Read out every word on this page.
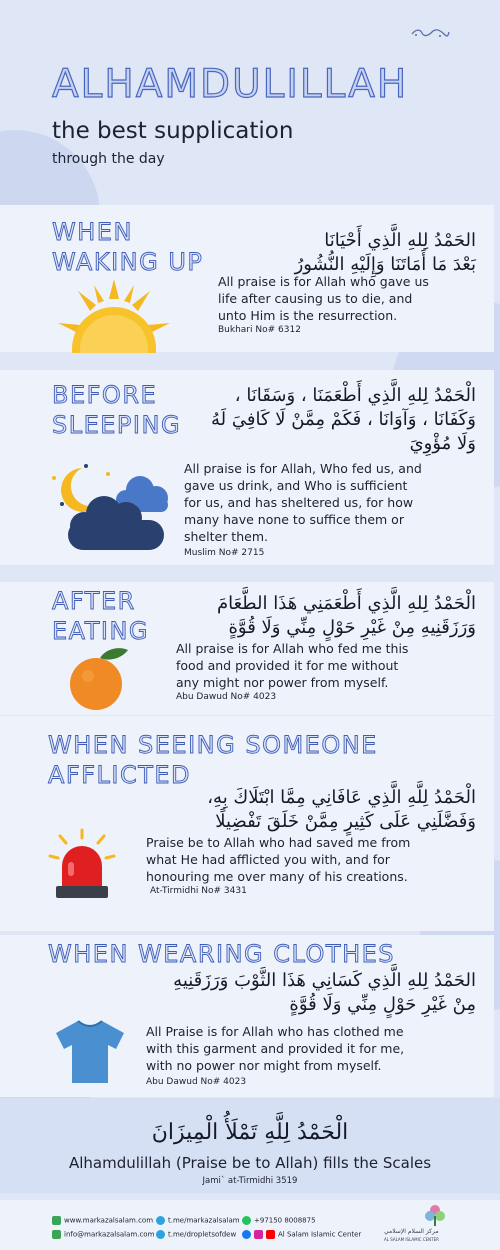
ALHAMDULILLAH
the best supplication
through the day
WHEN
WAKING UP
الحَمْدُ لِلهِ الَّذِي أَحْيَانَا
بَعْدَ مَا أَمَاتَنَا وَإِلَيْهِ النُّشُورُ
All praise is for Allah who gave us
life after causing us to die, and
unto Him is the resurrection.
Bukhari No# 6312
BEFORE
SLEEPING
الْحَمْدُ لِلهِ الَّذِي أَطْعَمَنَا ، وَسَقَانَا ،
وَكَفَانَا ، وَآوَانَا ، فَكَمْ مِمَّنْ لَا كَافِيَ لَهُ
وَلَا مُؤْوِيَ
All praise is for Allah, Who fed us, and
gave us drink, and Who is sufficient
for us, and has sheltered us, for how
many have none to suffice them or
shelter them.
Muslim No# 2715
AFTER
EATING
الْحَمْدُ لِلهِ الَّذِي أَطْعَمَنِي هَذَا الطَّعَامَ
وَرَزَقَنِيهِ مِنْ غَيْرِ حَوْلٍ مِنِّي وَلَا قُوَّةٍ
All praise is for Allah who fed me this
food and provided it for me without
any might nor power from myself.
Abu Dawud No# 4023
WHEN SEEING SOMEONE
AFFLICTED
الْحَمْدُ لِلَّهِ الَّذِي عَافَانِي مِمَّا ابْتَلَاكَ بِهِ،
وَفَضَّلَنِي عَلَى كَثِيرٍ مِمَّنْ خَلَقَ تَفْضِيلًا
Praise be to Allah who had saved me from
what He had afflicted you with, and for
honouring me over many of his creations.
At-Tirmidhi No# 3431
WHEN WEARING CLOTHES
الحَمْدُ لِلهِ الَّذِي كَسَانِي هَذَا الثَّوْبَ وَرَزَقَنِيهِ
مِنْ غَيْرِ حَوْلٍ مِنِّي وَلَا قُوَّةٍ
All Praise is for Allah who has clothed me
with this garment and provided it for me,
with no power nor might from myself.
Abu Dawud No# 4023
الْحَمْدُ لِلَّهِ تَمْلَأُ الْمِيزَانَ
Alhamdulillah (Praise be to Allah) fills the Scales
Jami` at-Tirmidhi 3519
www.markazalsalam.com
info@markazalsalam.com
t.me/markazalsalam
t.me/dropletsofdew
+97150 8008875
Al Salam Islamic Center	مركز السلام الإسلامي
AL SALAM ISLAMIC CENTER
